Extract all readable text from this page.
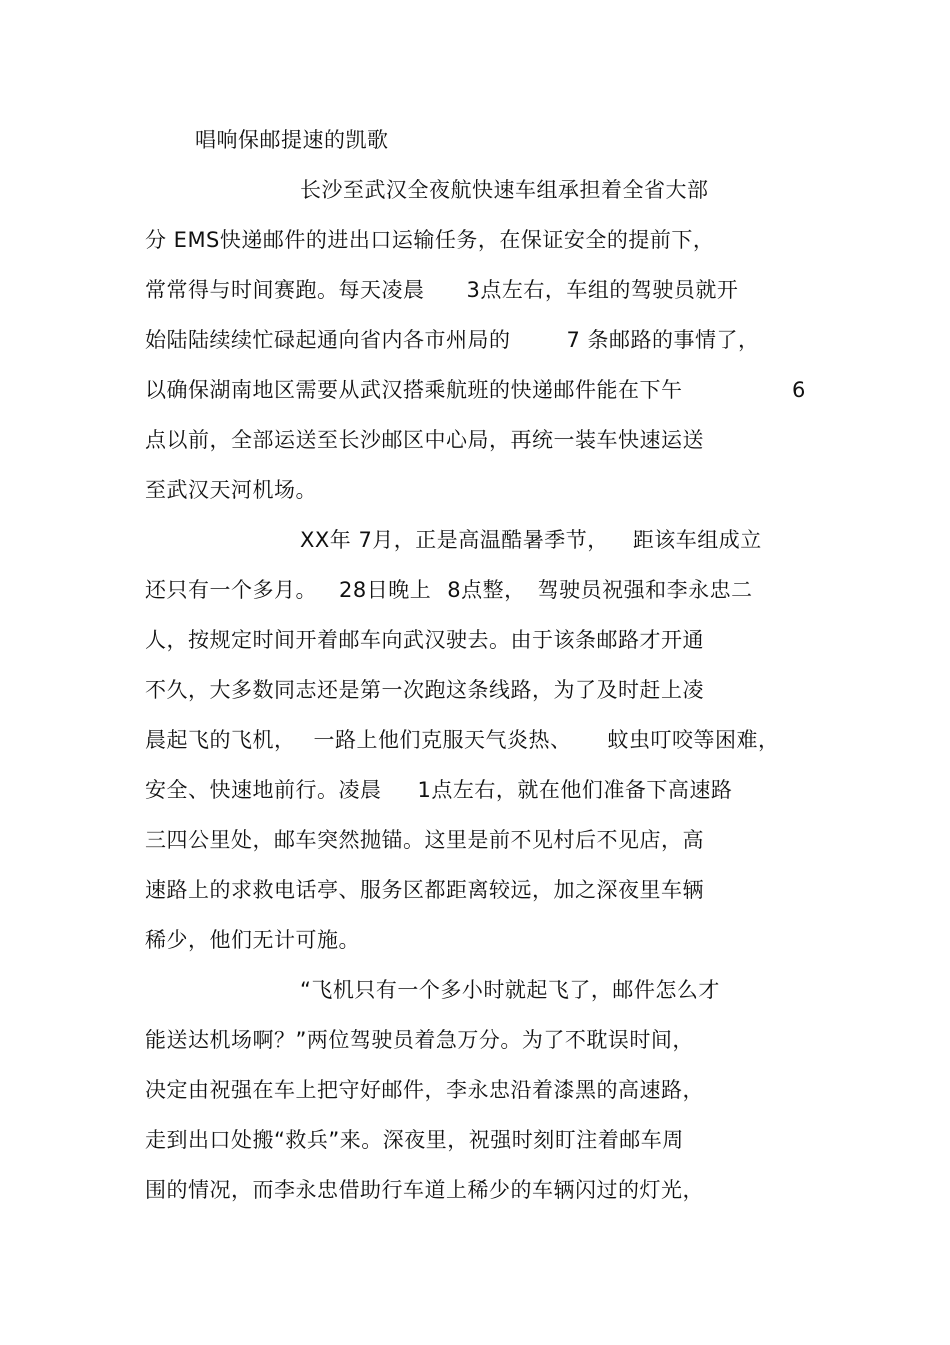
唱响保邮提速的凯歌
长沙至武汉全夜航快速车组承担着全省大部
分 EMS快递邮件的进出口运输任务，在保证安全的提前下，
常常得与时间赛跑。每天凌晨 3点左右，车组的驾驶员就开
始陆陆续续忙碌起通向省内各市州局的	7 条邮路的事情了，
以确保湖南地区需要从武汉搭乘航班的快递邮件能在下午	6
点以前，全部运送至长沙邮区中心局，再统一装车快速运送
至武汉天河机场。
XX年 7月，正是高温酷暑季节， 距该车组成立
还只有一个多月。 28日晚上 8点整， 驾驶员祝强和李永忠二
人，按规定时间开着邮车向武汉驶去。由于该条邮路才开通
不久，大多数同志还是第一次跑这条线路，为了及时赶上凌
晨起飞的飞机， 一路上他们克服天气炎热、 蚊虫叮咬等困难，
安全、快速地前行。凌晨 1点左右，就在他们准备下高速路
三四公里处，邮车突然抛锚。这里是前不见村后不见店，高
速路上的求救电话亭、服务区都距离较远，加之深夜里车辆
稀少，他们无计可施。
“飞机只有一个多小时就起飞了，邮件怎么才
能送达机场啊？”两位驾驶员着急万分。为了不耽误时间，
决定由祝强在车上把守好邮件，李永忠沿着漆黑的高速路，
走到出口处搬“救兵”来。深夜里，祝强时刻盯注着邮车周
围的情况，而李永忠借助行车道上稀少的车辆闪过的灯光，
